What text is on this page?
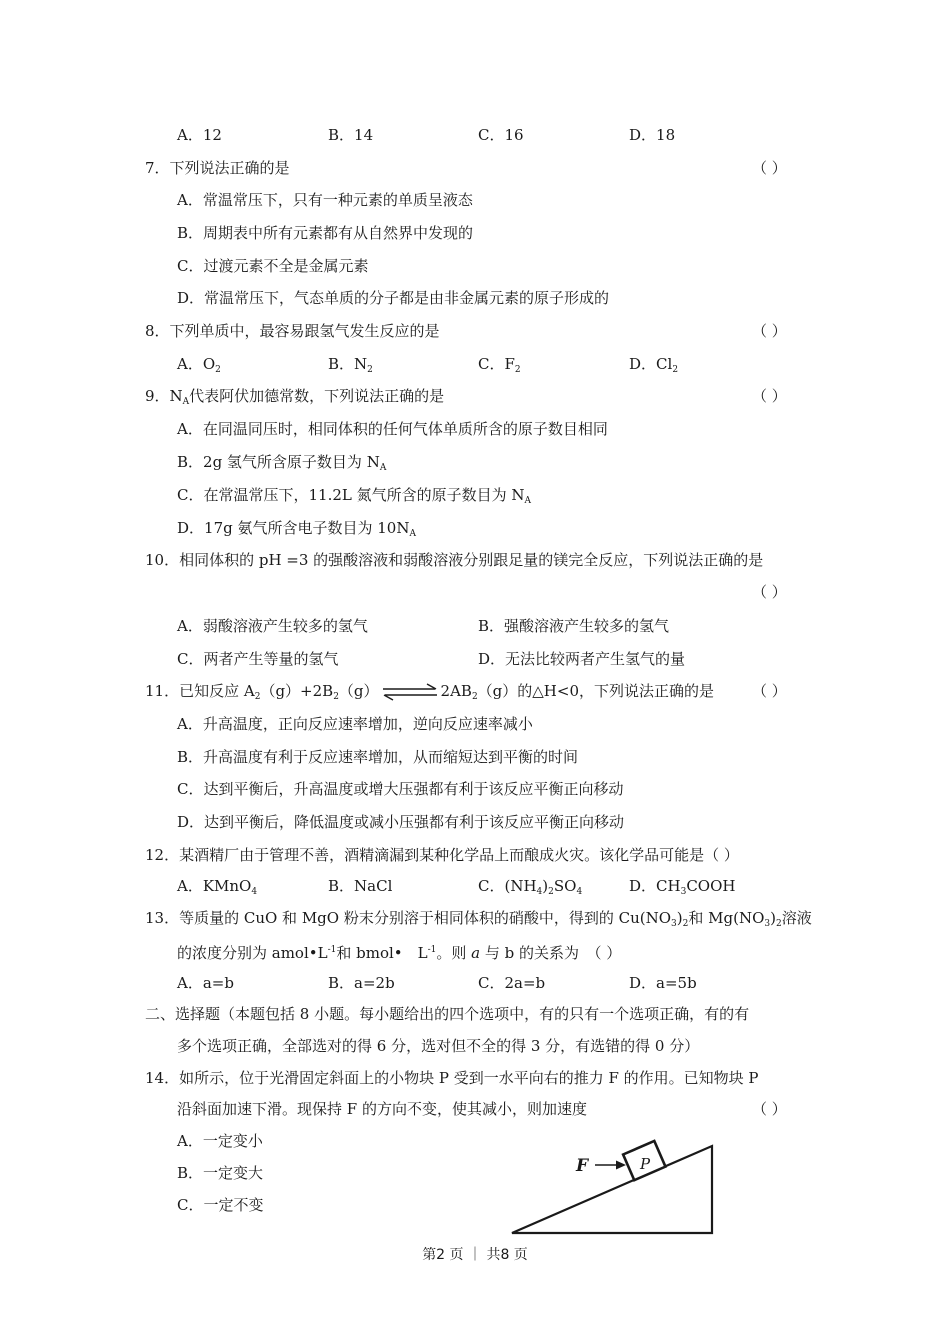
A．12	B．14	C．16	D．18
7．下列说法正确的是	（ ）
A．常温常压下，只有一种元素的单质呈液态
B．周期表中所有元素都有从自然界中发现的
C．过渡元素不全是金属元素
D．常温常压下，气态单质的分子都是由非金属元素的原子形成的
8．下列单质中，最容易跟氢气发生反应的是	（ ）
A．$O_2$	B．$N_2$	C．$F_2$	D．$Cl_2$
9．$N_A$代表阿伏加德常数，下列说法正确的是	（ ）
A．在同温同压时，相同体积的任何气体单质所含的原子数目相同
B．2g 氢气所含原子数目为 $N_A$
C．在常温常压下，11.2L 氮气所含的原子数目为 $N_A$
D．17g 氨气所含电子数目为 $10N_A$
10．相同体积的 pH =3 的强酸溶液和弱酸溶液分别跟足量的镁完全反应，下列说法正确的是
（ ）
A．弱酸溶液产生较多的氢气	B．强酸溶液产生较多的氢气
C．两者产生等量的氢气	D．无法比较两者产生氢气的量
11．已知反应 $A_2(g)+2B_2(g)$	$2AB_2(g)$的△H<0，下列说法正确的是	（ ）
A．升高温度，正向反应速率增加，逆向反应速率减小
B．升高温度有利于反应速率增加，从而缩短达到平衡的时间
C．达到平衡后，升高温度或增大压强都有利于该反应平衡正向移动
D．达到平衡后，降低温度或减小压强都有利于该反应平衡正向移动
12．某酒精厂由于管理不善，酒精滴漏到某种化学品上而酿成火灾。该化学品可能是（ ）
A．KMnO$_4$	B．NaCl	C．$(NH_4)_2SO_4$	D．$CH_3COOH$
13．等质量的 CuO 和 MgO 粉末分别溶于相同体积的硝酸中，得到的 $Cu(NO_3)_2$和 $Mg(NO_3)_2$溶液
的浓度分别为 $amol•L^{-1}$和 bmol•　$L^{-1}$。则 a 与 b 的关系为　（ ）
A．a=b	B．a=2b	C．2a=b	D．a=5b
二、选择题（本题包括 8 小题。每小题给出的四个选项中，有的只有一个选项正确，有的有
多个选项正确，全部选对的得 6 分，选对但不全的得 3 分，有选错的得 0 分）
14．如所示，位于光滑固定斜面上的小物块 P 受到一水平向右的推力 F 的作用。已知物块 P
沿斜面加速下滑。现保持 F 的方向不变，使其减小，则加速度	（ ）
A．一定变小
B．一定变大
C．一定不变
P
F
第2 页 ｜ 共8 页
